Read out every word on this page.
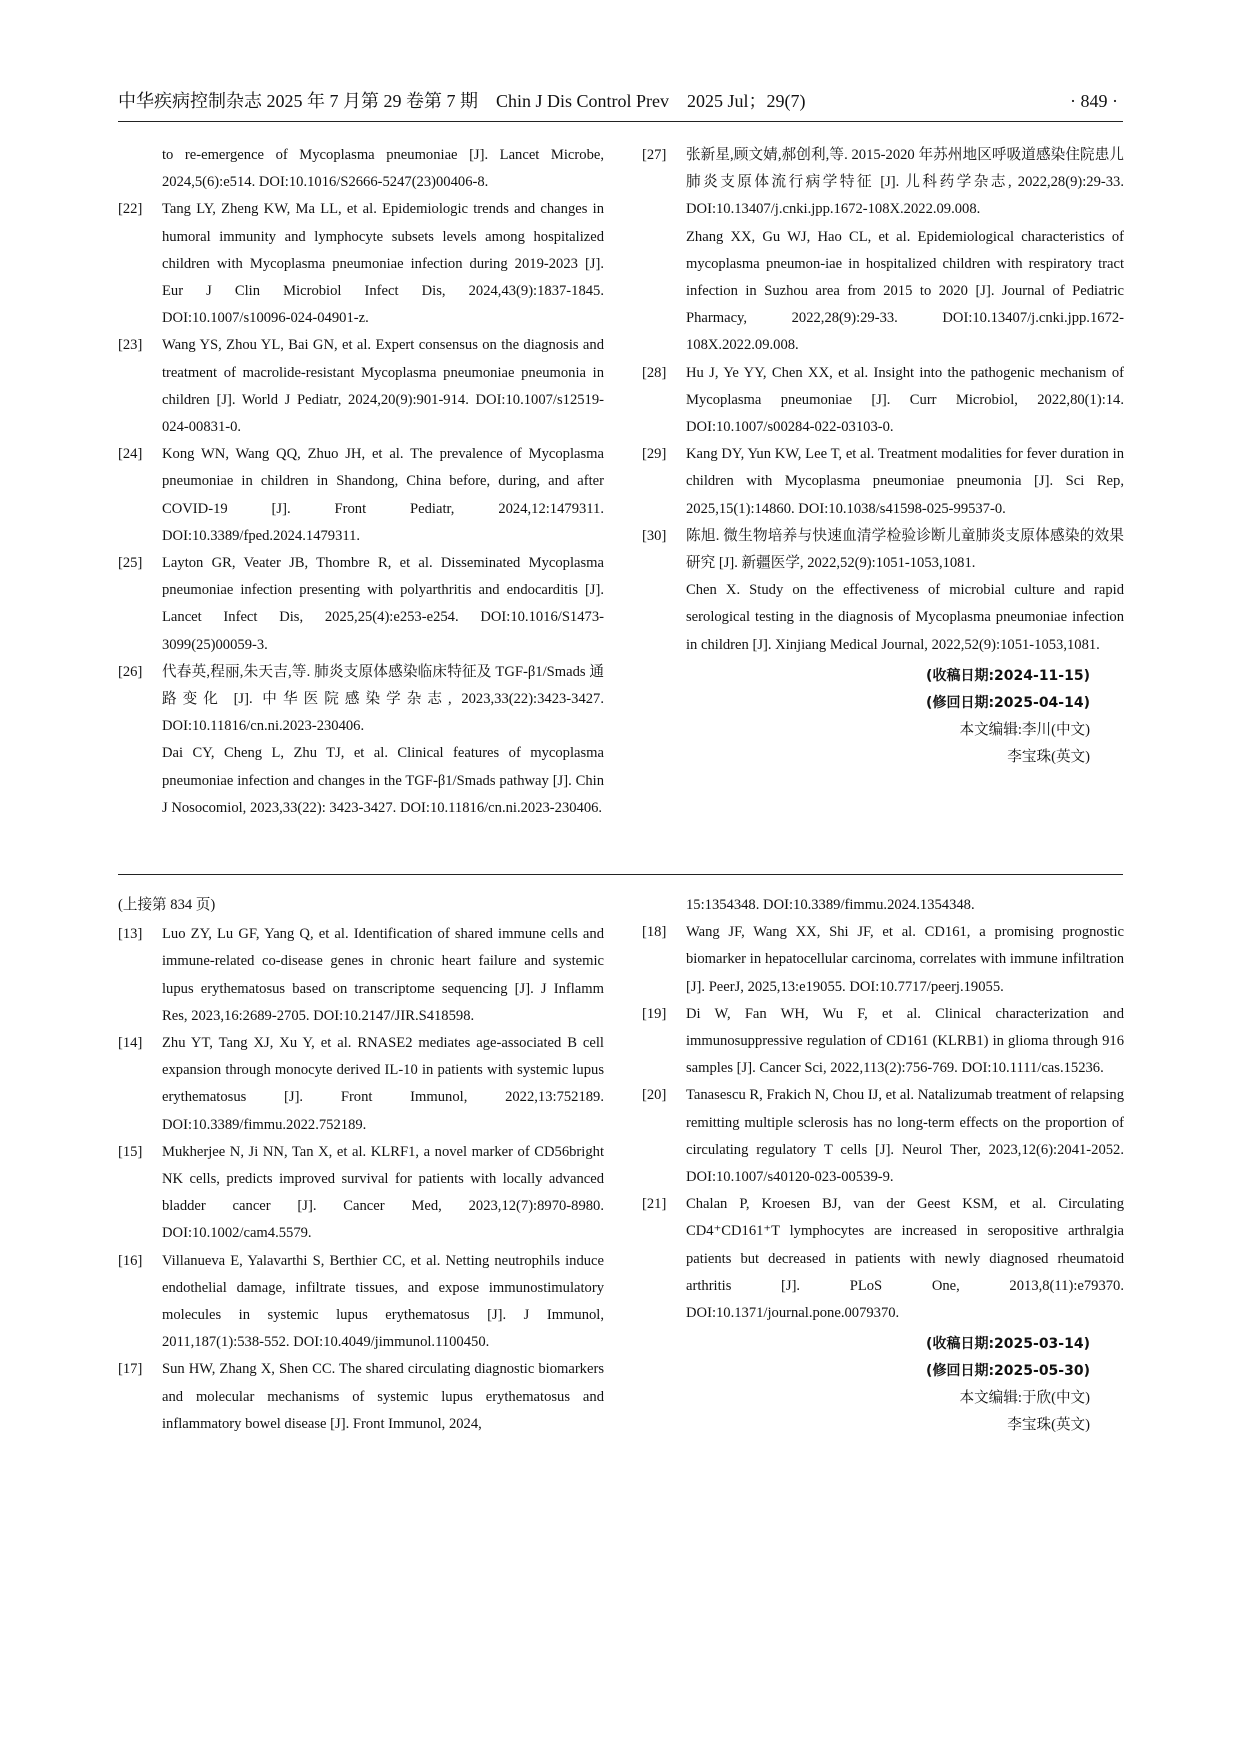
中华疾病控制杂志 2025 年 7 月第 29 卷第 7 期　Chin J Dis Control Prev　2025 Jul；29(7)	· 849 ·

to re-emergence of Mycoplasma pneumoniae [J]. Lancet Microbe, 2024,5(6):e514. DOI:10.1016/S2666-5247(23)00406-8.

[22] Tang LY, Zheng KW, Ma LL, et al. Epidemiologic trends and changes in humoral immunity and lymphocyte subsets levels among hospitalized children with Mycoplasma pneumoniae infection during 2019-2023 [J]. Eur J Clin Microbiol Infect Dis, 2024,43(9):1837-1845. DOI:10.1007/s10096-024-04901-z.

[23] Wang YS, Zhou YL, Bai GN, et al. Expert consensus on the diagnosis and treatment of macrolide-resistant Mycoplasma pneumoniae pneumonia in children [J]. World J Pediatr, 2024,20(9):901-914. DOI:10.1007/s12519-024-00831-0.

[24] Kong WN, Wang QQ, Zhuo JH, et al. The prevalence of Mycoplasma pneumoniae in children in Shandong, China before, during, and after COVID-19 [J]. Front Pediatr, 2024,12:1479311. DOI:10.3389/fped.2024.1479311.

[25] Layton GR, Veater JB, Thombre R, et al. Disseminated Mycoplasma pneumoniae infection presenting with polyarthritis and endocarditis [J]. Lancet Infect Dis, 2025,25(4):e253-e254. DOI:10.1016/S1473-3099(25)00059-3.

[26] 代春英,程丽,朱天吉,等. 肺炎支原体感染临床特征及 TGF-β1/Smads 通路变化 [J]. 中华医院感染学杂志, 2023,33(22):3423-3427. DOI:10.11816/cn.ni.2023-230406.

Dai CY, Cheng L, Zhu TJ, et al. Clinical features of mycoplasma pneumoniae infection and changes in the TGF-β1/Smads pathway [J]. Chin J Nosocomiol, 2023,33(22): 3423-3427. DOI:10.11816/cn.ni.2023-230406.

[27] 张新星,顾文婧,郝创利,等. 2015-2020 年苏州地区呼吸道感染住院患儿肺炎支原体流行病学特征 [J]. 儿科药学杂志, 2022,28(9):29-33. DOI:10.13407/j.cnki.jpp.1672-108X.2022.09.008.

Zhang XX, Gu WJ, Hao CL, et al. Epidemiological characteristics of mycoplasma pneumon-iae in hospitalized children with respiratory tract infection in Suzhou area from 2015 to 2020 [J]. Journal of Pediatric Pharmacy, 2022,28(9):29-33. DOI:10.13407/j.cnki.jpp.1672-108X.2022.09.008.

[28] Hu J, Ye YY, Chen XX, et al. Insight into the pathogenic mechanism of Mycoplasma pneumoniae [J]. Curr Microbiol, 2022,80(1):14. DOI:10.1007/s00284-022-03103-0.

[29] Kang DY, Yun KW, Lee T, et al. Treatment modalities for fever duration in children with Mycoplasma pneumoniae pneumonia [J]. Sci Rep, 2025,15(1):14860. DOI:10.1038/s41598-025-99537-0.

[30] 陈旭. 微生物培养与快速血清学检验诊断儿童肺炎支原体感染的效果研究 [J]. 新疆医学, 2022,52(9):1051-1053,1081.

Chen X. Study on the effectiveness of microbial culture and rapid serological testing in the diagnosis of Mycoplasma pneumoniae infection in children [J]. Xinjiang Medical Journal, 2022,52(9):1051-1053,1081.

(收稿日期:2024-11-15)
(修回日期:2025-04-14)
本文编辑:李川(中文)
李宝珠(英文)

(上接第 834 页)

[13] Luo ZY, Lu GF, Yang Q, et al. Identification of shared immune cells and immune-related co-disease genes in chronic heart failure and systemic lupus erythematosus based on transcriptome sequencing [J]. J Inflamm Res, 2023,16:2689-2705. DOI:10.2147/JIR.S418598.

[14] Zhu YT, Tang XJ, Xu Y, et al. RNASE2 mediates age-associated B cell expansion through monocyte derived IL-10 in patients with systemic lupus erythematosus [J]. Front Immunol, 2022,13:752189. DOI:10.3389/fimmu.2022.752189.

[15] Mukherjee N, Ji NN, Tan X, et al. KLRF1, a novel marker of CD56bright NK cells, predicts improved survival for patients with locally advanced bladder cancer [J]. Cancer Med, 2023,12(7):8970-8980. DOI:10.1002/cam4.5579.

[16] Villanueva E, Yalavarthi S, Berthier CC, et al. Netting neutrophils induce endothelial damage, infiltrate tissues, and expose immunostimulatory molecules in systemic lupus erythematosus [J]. J Immunol, 2011,187(1):538-552. DOI:10.4049/jimmunol.1100450.

[17] Sun HW, Zhang X, Shen CC. The shared circulating diagnostic biomarkers and molecular mechanisms of systemic lupus erythematosus and inflammatory bowel disease [J]. Front Immunol, 2024,

15:1354348. DOI:10.3389/fimmu.2024.1354348.

[18] Wang JF, Wang XX, Shi JF, et al. CD161, a promising prognostic biomarker in hepatocellular carcinoma, correlates with immune infiltration [J]. PeerJ, 2025,13:e19055. DOI:10.7717/peerj.19055.

[19] Di W, Fan WH, Wu F, et al. Clinical characterization and immunosuppressive regulation of CD161 (KLRB1) in glioma through 916 samples [J]. Cancer Sci, 2022,113(2):756-769. DOI:10.1111/cas.15236.

[20] Tanasescu R, Frakich N, Chou IJ, et al. Natalizumab treatment of relapsing remitting multiple sclerosis has no long-term effects on the proportion of circulating regulatory T cells [J]. Neurol Ther, 2023,12(6):2041-2052. DOI:10.1007/s40120-023-00539-9.

[21] Chalan P, Kroesen BJ, van der Geest KSM, et al. Circulating CD4⁺CD161⁺T lymphocytes are increased in seropositive arthralgia patients but decreased in patients with newly diagnosed rheumatoid arthritis [J]. PLoS One, 2013,8(11):e79370. DOI:10.1371/journal.pone.0079370.

(收稿日期:2025-03-14)
(修回日期:2025-05-30)
本文编辑:于欣(中文)
李宝珠(英文)
